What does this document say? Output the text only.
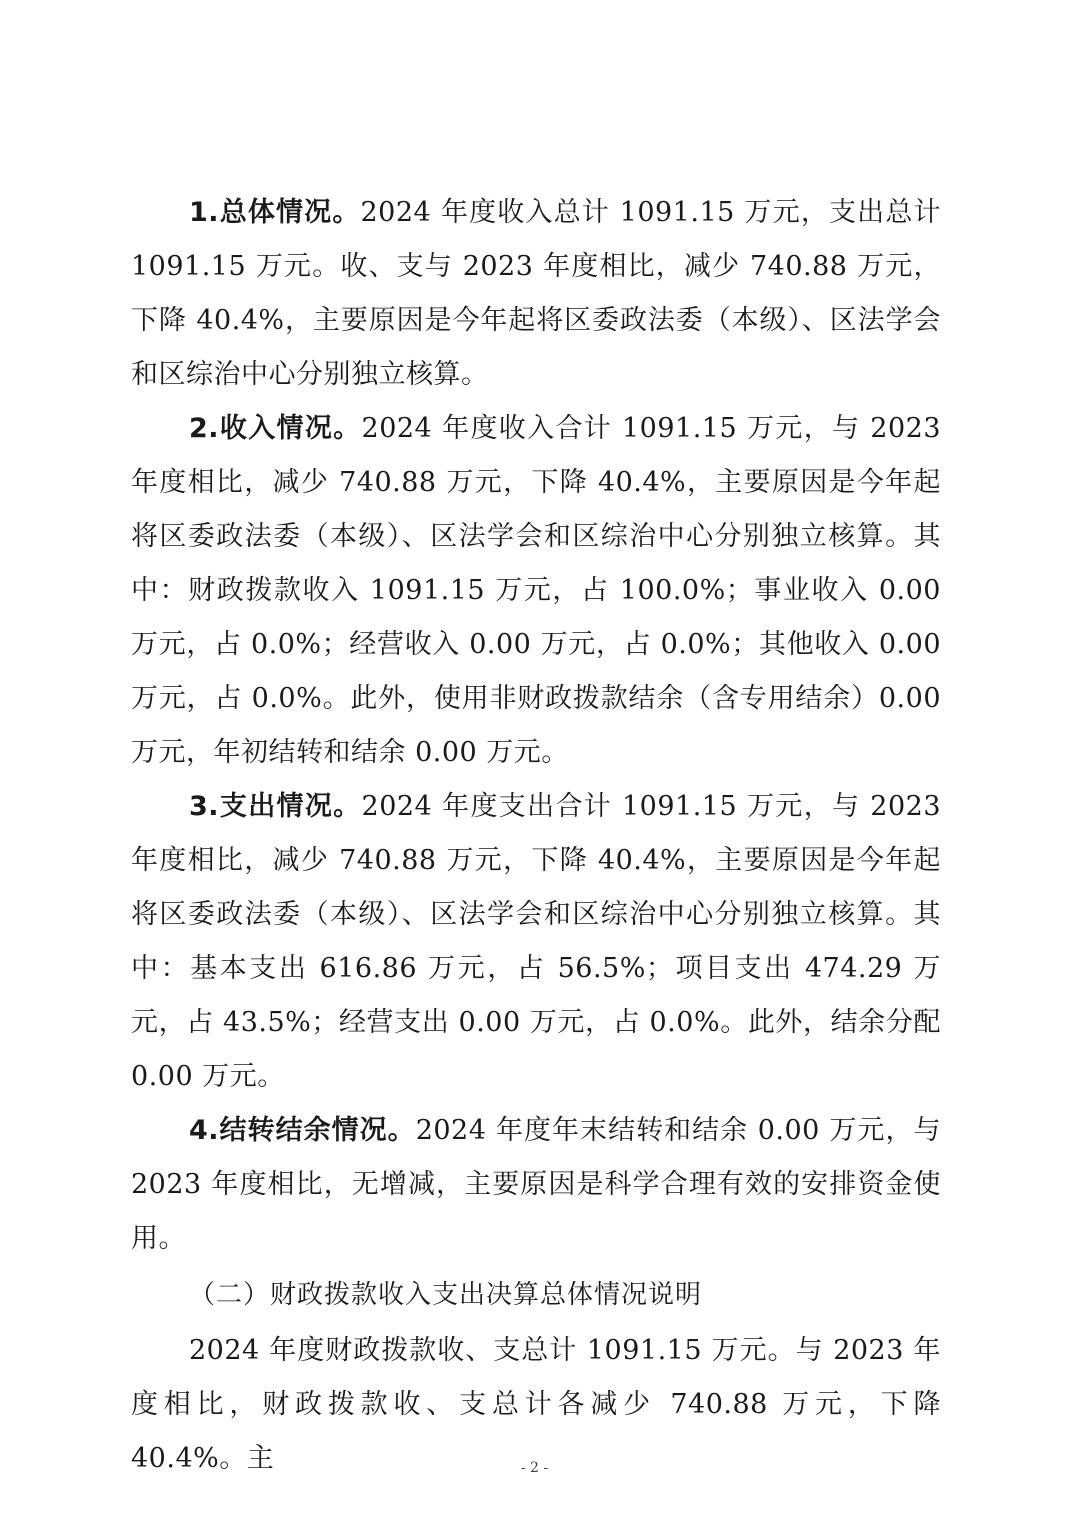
1.总体情况。2024 年度收入总计 1091.15 万元，支出总计 1091.15 万元。收、支与 2023 年度相比，减少 740.88 万元，下降 40.4%，主要原因是今年起将区委政法委（本级）、区法学会和区综治中心分别独立核算。

2.收入情况。2024 年度收入合计 1091.15 万元，与 2023 年度相比，减少 740.88 万元，下降 40.4%，主要原因是今年起将区委政法委（本级）、区法学会和区综治中心分别独立核算。其中：财政拨款收入 1091.15 万元，占 100.0%；事业收入 0.00 万元，占 0.0%；经营收入 0.00 万元，占 0.0%；其他收入 0.00 万元，占 0.0%。此外，使用非财政拨款结余（含专用结余）0.00 万元，年初结转和结余 0.00 万元。

3.支出情况。2024 年度支出合计 1091.15 万元，与 2023 年度相比，减少 740.88 万元，下降 40.4%，主要原因是今年起将区委政法委（本级）、区法学会和区综治中心分别独立核算。其中：基本支出 616.86 万元，占 56.5%；项目支出 474.29 万元，占 43.5%；经营支出 0.00 万元，占 0.0%。此外，结余分配 0.00 万元。

4.结转结余情况。2024 年度年末结转和结余 0.00 万元，与 2023 年度相比，无增减，主要原因是科学合理有效的安排资金使用。

（二）财政拨款收入支出决算总体情况说明

2024 年度财政拨款收、支总计 1091.15 万元。与 2023 年度相比，财政拨款收、支总计各减少 740.88 万元，下降 40.4%。主	- 2 -
